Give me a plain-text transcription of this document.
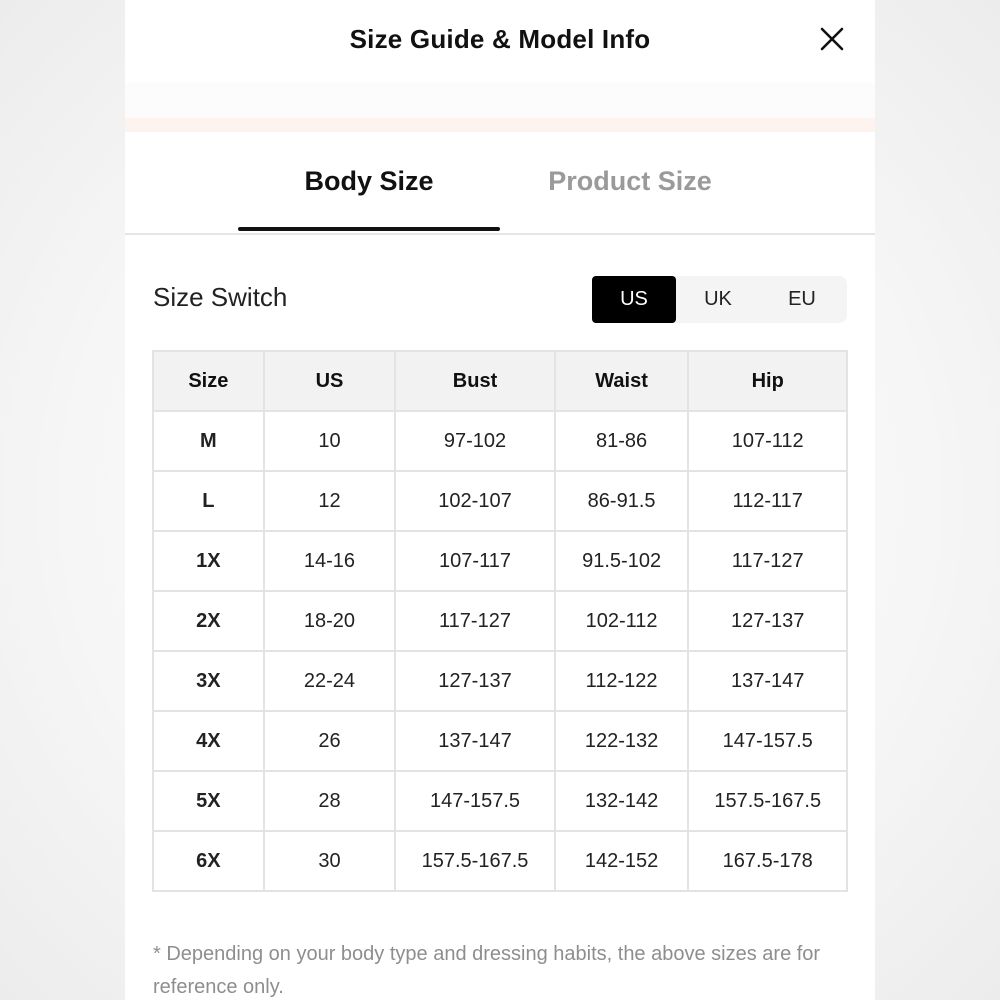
Size Guide & Model Info
Body Size	Product Size
Size Switch	US	UK	EU
Size	US	Bust	Waist	Hip
M	10	97-102	81-86	107-112
L	12	102-107	86-91.5	112-117
1X	14-16	107-117	91.5-102	117-127
2X	18-20	117-127	102-112	127-137
3X	22-24	127-137	112-122	137-147
4X	26	137-147	122-132	147-157.5
5X	28	147-157.5	132-142	157.5-167.5
6X	30	157.5-167.5	142-152	167.5-178
* Depending on your body type and dressing habits, the above sizes are for reference only.
